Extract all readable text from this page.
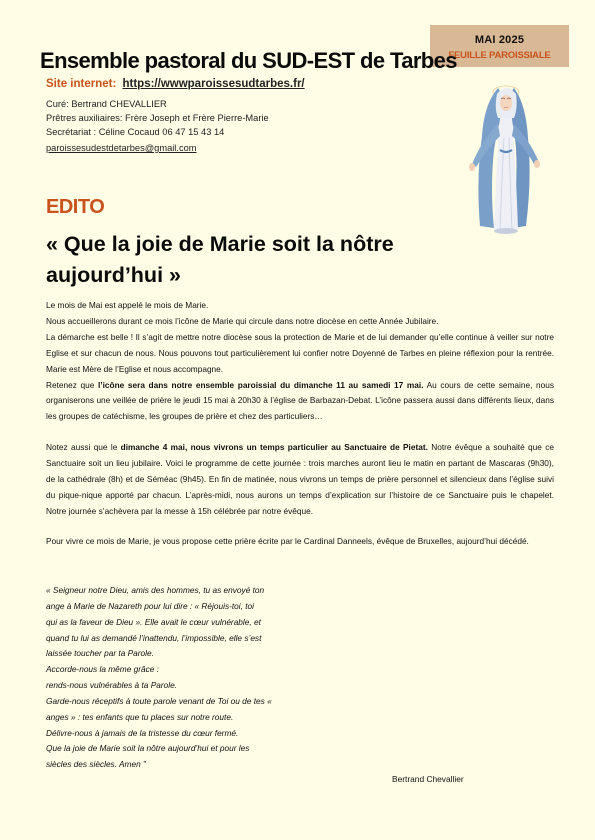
MAI 2025
FEUILLE PAROISSIALE
Ensemble pastoral du SUD-EST de Tarbes
Site internet: https://wwwparoissesudtarbes.fr/
Curé: Bertrand CHEVALLIER
Prêtres auxiliaires: Frère Joseph et Frère Pierre-Marie
Secrétariat : Céline Cocaud 06 47 15 43 14
paroissesudestdetarbes@gmail.com
EDITO
« Que la joie de Marie soit la nôtre aujourd’hui »

Le mois de Mai est appelé le mois de Marie.

Nous accueillerons durant ce mois l’icône de Marie qui circule dans notre diocèse en cette Année Jubilaire.

La démarche est belle ! Il s’agit de mettre notre diocèse sous la protection de Marie et de lui demander qu’elle continue à veiller sur notre Eglise et sur chacun de nous. Nous pouvons tout particulièrement lui confier notre Doyenné de Tarbes en pleine réflexion pour la rentrée. Marie est Mère de l’Eglise et nous accompagne.

Retenez que l’icône sera dans notre ensemble paroissial du dimanche 11 au samedi 17 mai. Au cours de cette semaine, nous organiserons une veillée de prière le jeudi 15 mai à 20h30 à l’église de Barbazan-Debat. L’icône passera aussi dans différents lieux, dans les groupes de catéchisme, les groupes de prière et chez des particuliers…

Notez aussi que le dimanche 4 mai, nous vivrons un temps particulier au Sanctuaire de Pietat. Notre évêque a souhaité que ce Sanctuaire soit un lieu jubilaire. Voici le programme de cette journée : trois marches auront lieu le matin en partant de Mascaras (9h30), de la cathédrale (8h) et de Séméac (9h45). En fin de matinée, nous vivrons un temps de prière personnel et silencieux dans l’église suivi du pique-nique apporté par chacun. L’après-midi, nous aurons un temps d’explication sur l’histoire de ce Sanctuaire puis le chapelet. Notre journée s’achèvera par la messe à 15h célébrée par notre évêque.

Pour vivre ce mois de Marie, je vous propose cette prière écrite par le Cardinal Danneels, évêque de Bruxelles, aujourd’hui décédé.

« Seigneur notre Dieu, amis des hommes, tu as envoyé ton
ange à Marie de Nazareth pour lui dire : « Réjouis-toi, toi
qui as la faveur de Dieu ». Elle avait le cœur vulnérable, et
quand tu lui as demandé l’inattendu, l’impossible, elle s’est
laissée toucher par ta Parole.
Accorde-nous la même grâce :
rends-nous vulnérables à ta Parole.
Garde-nous réceptifs à toute parole venant de Toi ou de tes «
anges » : tes enfants que tu places sur notre route.
Délivre-nous à jamais de la tristesse du cœur fermé.
Que la joie de Marie soit la nôtre aujourd’hui et pour les
siècles des siècles. Amen ”
Bertrand Chevallier
